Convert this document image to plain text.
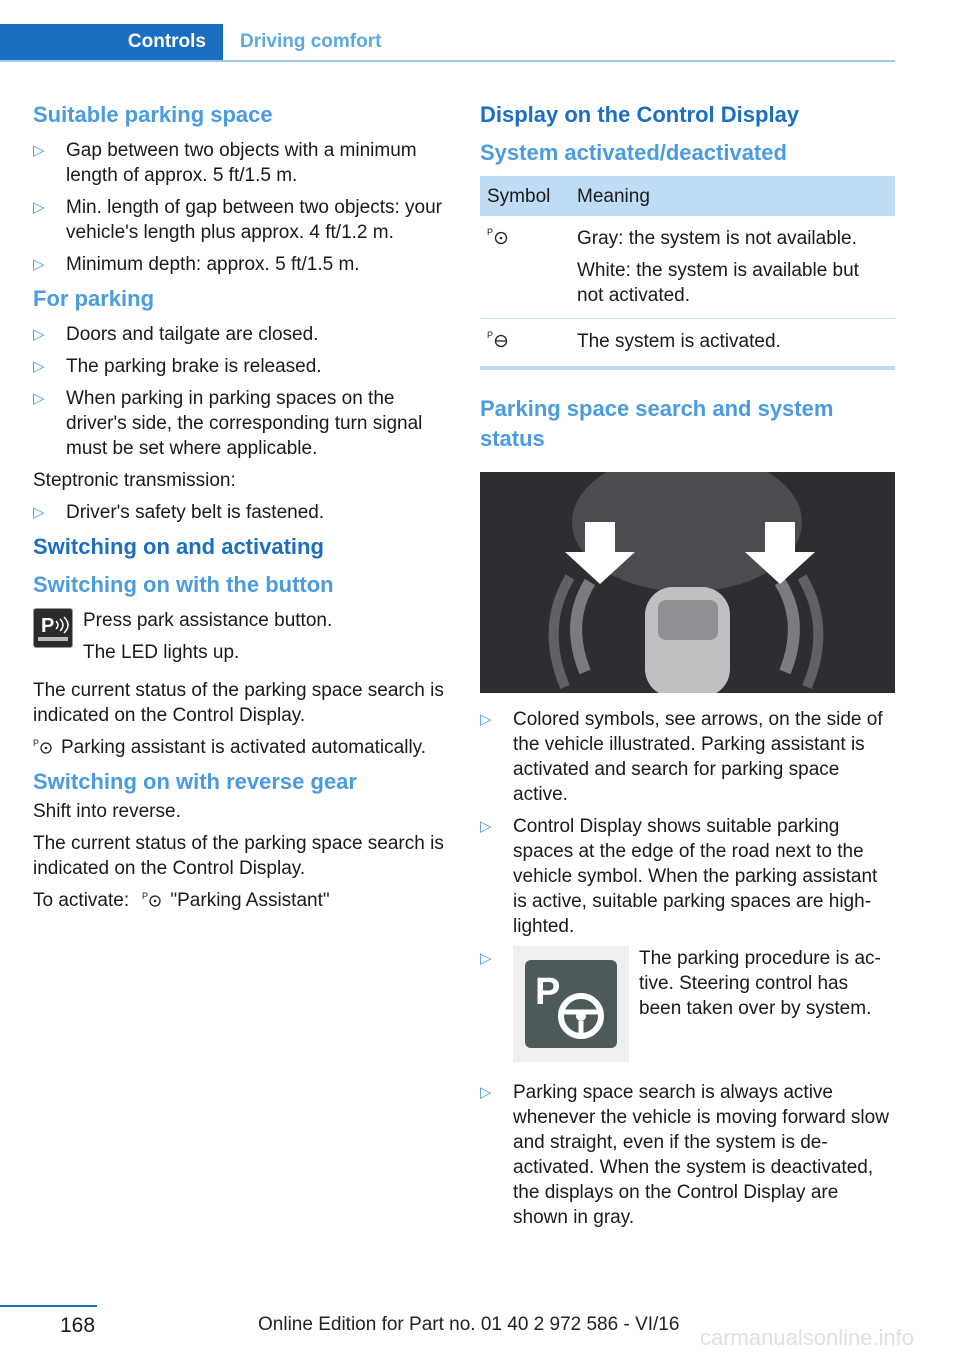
Controls	Driving comfort
Suitable parking space
▷ Gap between two objects with a minimum length of approx. 5 ft/1.5 m.
▷ Min. length of gap between two objects: your vehicle's length plus approx. 4 ft/1.2 m.
▷ Minimum depth: approx. 5 ft/1.5 m.
For parking
▷ Doors and tailgate are closed.
▷ The parking brake is released.
▷ When parking in parking spaces on the driver's side, the corresponding turn signal must be set where applicable.

Steptronic transmission:

▷ Driver's safety belt is fastened.
Switching on and activating
Switching on with the button
P Press park assistance button.

The LED lights up.

The current status of the parking space search is indicated on the Control Display.

P Parking assistant is activated automatically.

Switching on with reverse gear

Shift into reverse.

The current status of the parking space search is indicated on the Control Display.

To activate: P "Parking Assistant"

Display on the Control Display
System activated/deactivated
Symbol	Meaning

P	Gray: the system is not available.

White: the system is available but not activated.

P	The system is activated.
Parking space search and system status
▷ Colored symbols, see arrows, on the side of the vehicle illustrated. Parking assistant is activated and search for parking space active.
▷ Control Display shows suitable parking spaces at the edge of the road next to the vehicle symbol. When the parking assistant is active, suitable parking spaces are highlighted.
▷
P
The parking procedure is active. Steering control has been taken over by system.
▷ Parking space search is always active whenever the vehicle is moving forward slow and straight, even if the system is deactivated. When the system is deactivated, the displays on the Control Display are shown in gray.
168	Online Edition for Part no. 01 40 2 972 586 - VI/16
carmanualsonline.info
